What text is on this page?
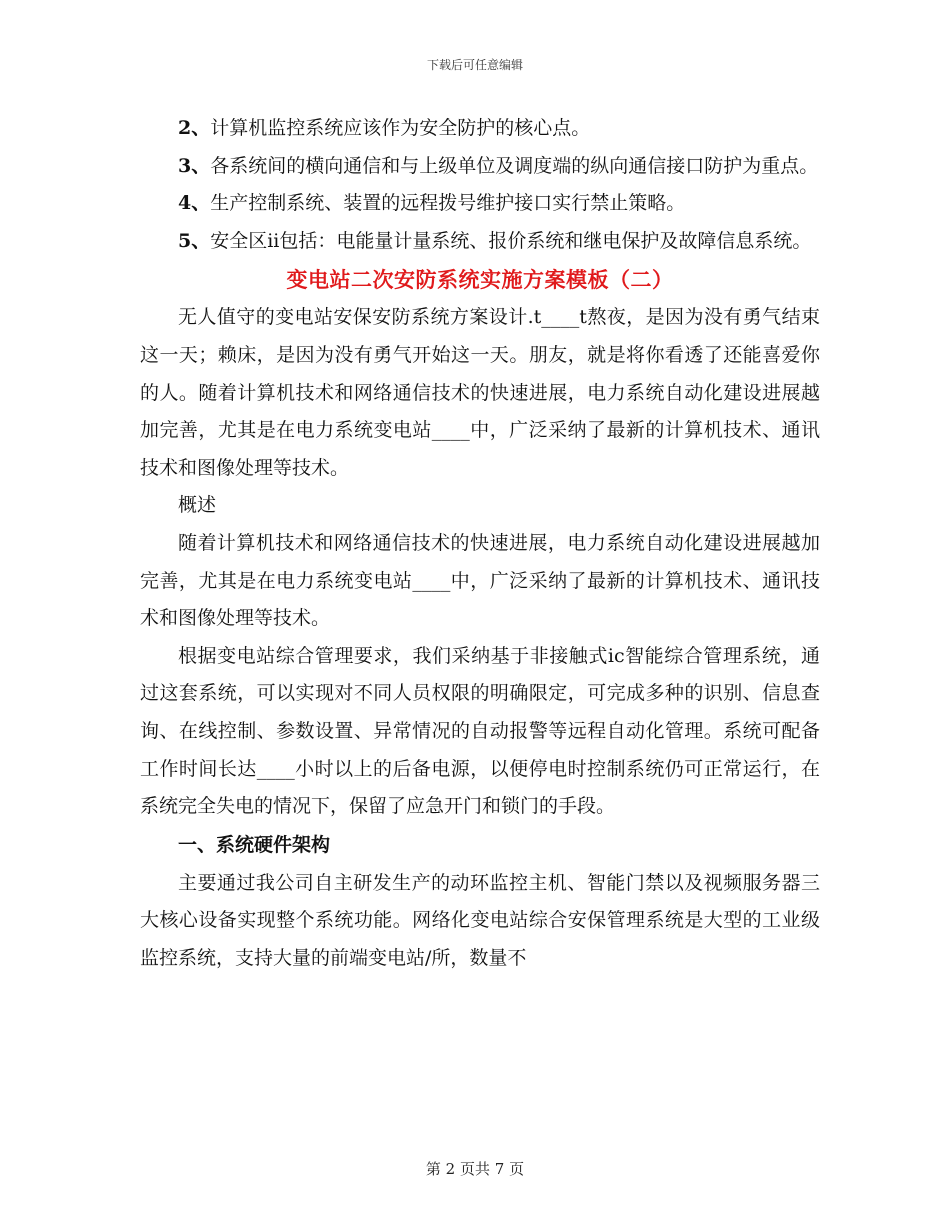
下载后可任意编辑

2、计算机监控系统应该作为安全防护的核心点。

3、各系统间的横向通信和与上级单位及调度端的纵向通信接口防护为重点。

4、生产控制系统、装置的远程拨号维护接口实行禁止策略。

5、安全区ii包括：电能量计量系统、报价系统和继电保护及故障信息系统。

变电站二次安防系统实施方案模板（二）

无人值守的变电站安保安防系统方案设计.t____t熬夜，是因为没有勇气结束这一天；赖床，是因为没有勇气开始这一天。朋友，就是将你看透了还能喜爱你的人。随着计算机技术和网络通信技术的快速进展，电力系统自动化建设进展越加完善，尤其是在电力系统变电站____中，广泛采纳了最新的计算机技术、通讯技术和图像处理等技术。

概述

随着计算机技术和网络通信技术的快速进展，电力系统自动化建设进展越加完善，尤其是在电力系统变电站____中，广泛采纳了最新的计算机技术、通讯技术和图像处理等技术。

根据变电站综合管理要求，我们采纳基于非接触式ic智能综合管理系统，通过这套系统，可以实现对不同人员权限的明确限定，可完成多种的识别、信息查询、在线控制、参数设置、异常情况的自动报警等远程自动化管理。系统可配备工作时间长达____小时以上的后备电源，以便停电时控制系统仍可正常运行，在系统完全失电的情况下，保留了应急开门和锁门的手段。

一、系统硬件架构

主要通过我公司自主研发生产的动环监控主机、智能门禁以及视频服务器三大核心设备实现整个系统功能。网络化变电站综合安保管理系统是大型的工业级监控系统，支持大量的前端变电站/所，数量不

第 2 页共 7 页
